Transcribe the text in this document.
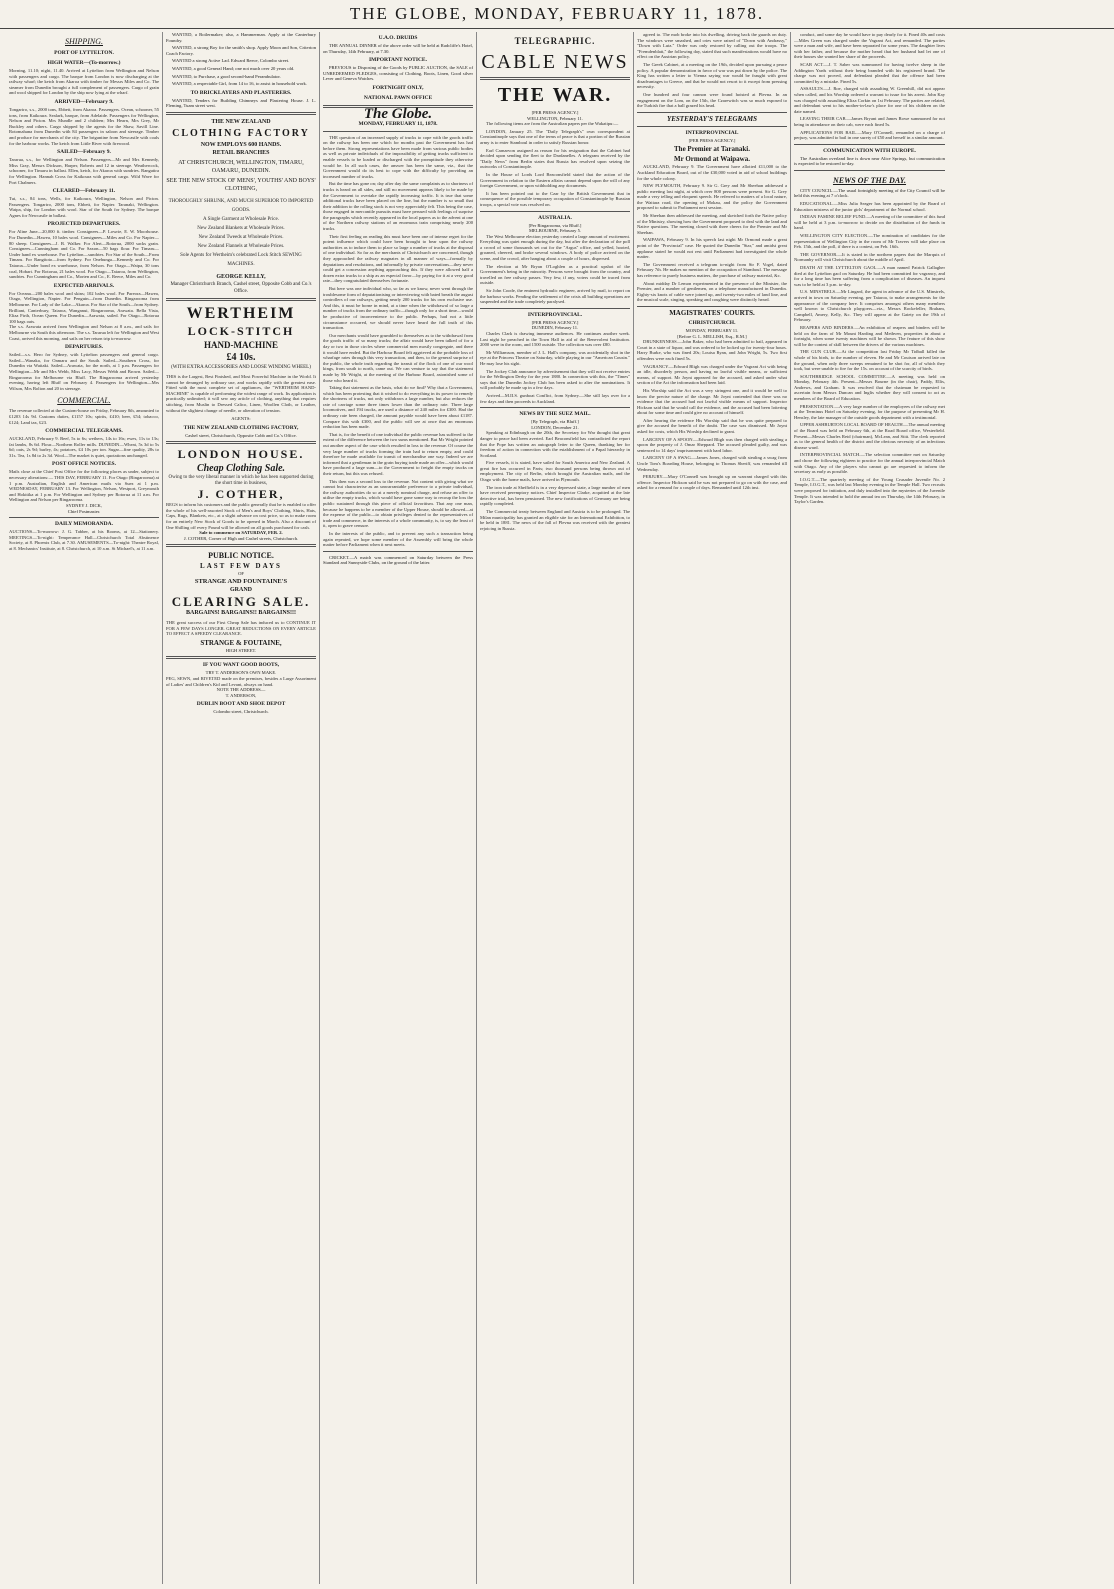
THE GLOBE, MONDAY, FEBRUARY 11, 1878.
SHIPPING.
PORT OF LYTTELTON.
HIGH WATER—(To-morrow.)
Morning, 11.10; night, 11.40. Arrived at Lyttelton from Wellington and Nelson with passengers and cargo. The barque from London is now discharging at the railway wharf; the ketch from Akaroa with timber for Messrs Miles and Co. The steamer from Dunedin brought a full complement of passengers. Cargo of grain and wool shipped for London by the ship now lying at the wharf.
ARRIVED—February 9.
Tongariro, s.s., 2000 tons, Ebbett, from Akaroa. Passengers. Ocean, schooner, 55 tons, from Kaikoura. Sealark, barque, from Adelaide. Passengers for Wellington, Nelson and Picton. Mrs Mundle and 2 children; Mrs Hearn, Mrs Grey, Mr Buckley and others. Cargo shipped by the agents for the Shaw, Savill Line. Rotomahana from Dunedin with 84 passengers in saloon and steerage. Timber and produce for merchants of the city. The brigantine from Newcastle with coals for the harbour works. The ketch from Little River with firewood.
SAILED—February 9.
Tararua, s.s., for Wellington and Nelson. Passengers—Mr and Mrs Kennedy, Miss Gray, Messrs Dickson, Harper, Roberts and 12 in steerage. Weathercock, schooner, for Timaru in ballast. Ellen, ketch, for Akaroa with sundries. Rangatira for Wellington. Hannah Cross for Kaikoura with general cargo. Wild Wave for Port Chalmers.
CLEARED—February 11.
Tui, s.s., 84 tons, Wells, for Kaikoura, Wellington, Nelson and Picton. Passengers. Tongariro, 2000 tons, Ebbett, for Napier. Taranaki, Wellington. Waipa, ship, for London with wool. Star of the South for Sydney. The barque Agnes for Newcastle in ballast.
PROJECTED DEPARTURES.
For Aline June—20,000 ft. timber. Consignees—P. Lowrie, E. W. Moorhouse. For Dunedin—Hawea, 10 bales wool. Consignees—Miles and Co. For Napier—80 sheep. Consignees—J. B. Walker. For Alert—Rotorua, 2000 sacks grain. Consignees—Cunningham and Co. For Saxon—50 bags flour. For Timaru—Under hand ex warehouse. For Lyttelton—sundries. For Star of the South—From Timaru. For Rangitoto—from Sydney. For Onehunga—Kennedy and Co. For Taiaroa—Under bond ex warehouse, from Nelson. For Otago—Waipa, 30 tons coal, Hobart. For Rotorua, 21 bales wool. For Otago—Taiaroa, from Wellington, sundries. For Cunningham and Co., Morten and Co., E. Reece, Miles and Co.
EXPECTED ARRIVALS.
For Oceana—200 bales wool and skins; 102 bales wool. For Pareora—Hawea, Otago, Wellington, Napier. For Penguin—from Dunedin. Ringarooma from Melbourne. For Lady of the Lake—Akaroa. For Star of the South—from Sydney. Brilliant, Canterbury, Taiaroa, Wanganui, Ringarooma, Arawata. Bella Vista, Eliza Firth, Ocean Queen. For Dunedin—Arawata, sailed. For Otago—Rotorua 100 bags oats.
The s.s. Arawata arrived from Wellington and Nelson at 8 a.m., and sails for Melbourne via South this afternoon. The s.s. Tararua left for Wellington and West Coast, arrived this morning, and sails on her return trip to-morrow.
DEPARTURES.
Sailed—s.s. Hero for Sydney, with Lyttelton passengers and general cargo. Sailed—Wanaka, for Oamaru and the South. Sailed—Southern Cross, for Dunedin via Waitaki. Sailed—Arawata, for the north, at 1 p.m. Passengers for Wellington—Mr and Mrs Webb, Miss Lacy, Messrs Webb and Brown. Sailed—Ringarooma for Melbourne via Bluff. The Ringarooma arrived yesterday evening, having left Bluff on February 4. Passengers for Wellington—Mrs Wilson, Mrs Bolton and 20 in steerage.
COMMERCIAL.
The revenue collected at the Custom-house on Friday, February 8th, amounted to £1203 14s 9d. Customs duties, £1157 10s; spirits, £410; beer, £54; tobacco, £124; Land tax, £23.
COMMERCIAL TELEGRAMS.
AUCKLAND, February 9. Beef, 5s to 6s; wethers, 14s to 16s; ewes, 11s to 13s; fat lambs, 8s 6d. Flour—Northern Roller mills. DUNEDIN—Wheat, 5s 3d to 5s 6d; oats, 2s 9d; barley, 4s; potatoes, £4 10s per ton. Sugar—fine quality, 28s to 31s. Tea, 1s 8d to 2s 3d. Wool—The market is quiet, quotations unchanged.
POST OFFICE NOTICES.
Mails close at the Chief Post Office for the following places as under, subject to necessary alterations:— THIS DAY, FEBRUARY 11. For Otago (Ringarooma) at 1 p.m. Australian, English and American mails via Suez at 1 p.m. WEDNESDAY, FEBRUARY 13. For Wellington, Nelson, Westport, Greymouth and Hokitika at 1 p.m. For Wellington and Sydney per Rotorua at 11 a.m. For Wellington and Nelson per Ringarooma.
SYDNEY J. DICK,
Chief Postmaster.
DAILY MEMORANDA.
AUCTIONS—To-morrow: J. G. Tabber, at his Rooms, at 12—Stationery. MEETINGS—To-night: Temperance Hall—Christchurch Total Abstinence Society, at 8. Phoenix Club, at 7.30. AMUSEMENTS—To-night: Theatre Royal, at 8. Mechanics' Institute, at 8. Christchurch, at 10 a.m. St Michael's, at 11 a.m.

WANTED, a Boilermaker; also, a Hammerman. Apply at the Canterbury Foundry.

WANTED, a strong Boy for the smith's shop. Apply Moon and Son, Criterion Coach Factory.

WANTED a strong Active Lad. Edward Reece, Colombo street.

WANTED, a good General Hand; one not much over 20 years old.

WANTED, to Purchase, a good second-hand Perambulator.

WANTED, a respectable Girl, from 14 to 16, to assist in household work.

TO BRICKLAYERS AND PLASTERERS.

WANTED, Tenders for Building Chimneys and Plastering House. J. L. Fleming, Tuam street west.

THE NEW ZEALAND
CLOTHING FACTORY
NOW EMPLOYS 600 HANDS.
RETAIL BRANCHES
AT CHRISTCHURCH, WELLINGTON, TIMARU, OAMARU, DUNEDIN.
SEE THE NEW STOCK OF MENS', YOUTHS' AND BOYS' CLOTHING,
THOROUGHLY SHRUNK, AND MUCH SUPERIOR TO IMPORTED GOODS.
A Single Garment at Wholesale Price.
New Zealand Blankets at Wholesale Prices.
New Zealand Tweeds at Wholesale Prices.
New Zealand Flannels at Wholesale Prices.
Sole Agents for Wertheim's celebrated Lock Stitch SEWING MACHINES.
GEORGE KELLY,
Manager Christchurch Branch, Cashel street, Opposite Cobb and Co.'s Office.
WERTHEIM
LOCK-STITCH
HAND-MACHINE
£4 10s.
(WITH EXTRA ACCESSORIES AND LOOSE WINDING WHEEL)
THIS is the Largest, Best Finished, and Most Powerful Machine in the World. It cannot be deranged by ordinary use, and works rapidly with the greatest ease. Fitted with the most complete set of appliances, the "WERTHEIM HAND-MACHINE" is capable of performing the widest range of work. Its application is practically unlimited; it will sew any article of clothing, anything that requires stitching, from Muslin to Dressed Calico, Linen, Woollen Cloth, or Leather, without the slightest change of needle, or alteration of tension.
AGENTS:
THE NEW ZEALAND CLOTHING FACTORY,
Cashel street, Christchurch, Opposite Cobb and Co.'s Office.
LONDON HOUSE.
Cheap Clothing Sale.
Owing to the very liberal manner in which he has been supported during the short time in business,
J. COTHER,
BEGS to inform his customers and the public generally that he is enabled to offer the whole of his well-assorted Stock of Men's and Boys' Clothing, Shirts, Hats, Caps, Rugs, Blankets, etc., at a slight advance on cost price, so as to make room for an entirely New Stock of Goods to be opened in March. Also a discount of One Shilling off every Pound will be allowed on all goods purchased for cash.
Sale to commence on SATURDAY, FEB. 2.
J. COTHER, Corner of High and Cashel streets, Christchurch.
PUBLIC NOTICE.
LAST FEW DAYS
OF
STRANGE AND FOUNTAINE'S
GRAND
CLEARING SALE.
BARGAINS! BARGAINS!! BARGAINS!!!
THE great success of our First Cheap Sale has induced us to CONTINUE IT FOR A FEW DAYS LONGER. GREAT REDUCTIONS ON EVERY ARTICLE TO EFFECT A SPEEDY CLEARANCE.
STRANGE & FOUTAINE,
HIGH STREET.
IF YOU WANT GOOD BOOTS,
TRY T. ANDERSON'S OWN MAKE.
PEG, SEWN, and RIVETED made on the premises, besides a Large Assortment of Ladies' and Children's Kid and Levant, always on hand.
NOTE THE ADDRESS—
T. ANDERSON,
DUBLIN BOOT AND SHOE DEPOT
Colombo street, Christchurch.
U.A.O. DRUIDS

THE ANNUAL DINNER of the above order will be held at Radcliffe's Hotel, on Thursday, 14th February, at 7.30.

IMPORTANT NOTICE.

PREVIOUS to Disposing of the Goods by PUBLIC AUCTION, the SALE of UNREDEEMED PLEDGES, consisting of Clothing, Boots, Linen, Good silver Lever and Geneva Watches.

FORTNIGHT ONLY,
NATIONAL PAWN OFFICE
The Globe.
MONDAY, FEBRUARY 11, 1878.

THE question of an increased supply of trucks to cope with the goods traffic on the railway has been one which for months past the Government has had before them. Strong representations have been made from various public bodies as well as private individuals of the impossibility of getting trucks sufficient to enable vessels to be loaded or discharged with the promptitude they otherwise would be. In all such cases, the answer has been the same, viz., that the Government would do its best to cope with the difficulty by providing an increased number of trucks.

But the time has gone on; day after day the same complaints as to shortness of trucks is heard on all sides, and still no movement appears likely to be made by the Government to overtake the rapidly increasing traffic. It is true that some additional trucks have been placed on the line, but the number is so small that their addition to the rolling stock is not very appreciably felt. This being the case, those engaged in mercantile pursuits must have perused with feelings of surprise the paragraphs which recently appeared in the local papers as to the advent at one of the Northern railway stations of an enormous train comprising nearly 200 trucks.

Their first feeling on reading this must have been one of intense regret for the potent influence which could have been brought to bear upon the railway authorities as to induce them to place so large a number of trucks at the disposal of one individual. So far as the merchants of Christchurch are concerned, though they approached the railway magnates in all manner of ways—formally by deputations and resolutions, and informally by private conversations—they never could get a concession anything approaching this. If they were allowed half a dozen extra trucks to a ship as an especial favor—by paying for it at a very good rate—they congratulated themselves fortunate.

But here was one individual who, so far as we know, never went through the troublesome form of deputationising or interviewing with bated breath the august controllers of our railways, getting nearly 200 trucks for his own exclusive use. And this, it must be borne in mind, at a time when the withdrawal of so large a number of trucks from the ordinary traffic—though only for a short time—would be productive of inconvenience to the public. Perhaps, had not a little circumstance occurred, we should never have heard the full truth of this transaction.

Our merchants would have grumbled to themselves as to the withdrawal from the goods traffic of so many trucks; the affair would have been talked of for a day or two in those circles where commercial men mostly congregate, and there it would have ended. But the Harbour Board felt aggrieved at the probable loss of wharfage rates through this very transaction, and then, to the general surprise of the public, the whole truth regarding the transit of the flock of one of our wool kings, from south to north, came out. We can venture to say that the statement made by Mr Wright, at the meeting of the Harbour Board, astonished some of those who heard it.

Taking that statement as the basis, what do we find? Why that a Government, which has been protesting that it wished to do everything in its power to remedy the shortness of trucks, not only withdraws a large number, but also reduces the rate of carriage some three times lower than the ordinary rate. Three large locomotives, and 194 trucks, are used a distance of 240 miles for £300. Had the ordinary rate been charged, the amount payable would have been about £1187. Compare this with £300, and the public will see at once that an enormous reduction has been made.

That is, for the benefit of one individual the public revenue has suffered to the extent of the difference between the two sums mentioned. But Mr Wright pointed out another aspect of the case which resulted in loss to the revenue. Of course the very large number of trucks forming the train had to return empty, and could therefore be made available for transit of merchandise one way. Indeed we are informed that a gentleman in the grain buying trade made an offer—which would have produced a large sum—to the Government to freight the empty trucks on their return, but this was refused.

This then was a second loss to the revenue. Not content with giving what we cannot but characterise as an unwarrantable preference to a private individual, the railway authorities do so at a merely nominal charge, and refuse an offer to utilise the empty trucks, which would have gone some way to recoup the loss the public sustained through this piece of official favoritism. That any one man, because he happens to be a member of the Upper House, should be allowed—at the expense of the public—to obtain privileges denied to the representatives of trade and commerce, in the interests of a whole community, is, to say the least of it, open to grave censure.

In the interests of the public, and to prevent any such a transaction being again repeated, we hope some member of the Assembly will bring the whole matter before Parliament when it next meets.

CRICKET.—A match was commenced on Saturday between the Press Standard and Sunnyside Clubs, on the ground of the latter.

TELEGRAPHIC.
CABLE NEWS
THE WAR.
[PER PRESS AGENCY.]
WELLINGTON, February 11.

The following items are from the Australian papers per the Wakatipu:—

LONDON, January 25. The "Daily Telegraph's" own correspondent at Constantinople says that one of the terms of peace is that a portion of the Russian army is to enter Stamboul in order to satisfy Russian honor.

Earl Carnarvon assigned as reason for his resignation that the Cabinet had decided upon sending the fleet to the Dardanelles. A telegram received by the "Daily News" from Berlin states that Russia has resolved upon seizing the outworks of Constantinople.

In the House of Lords Lord Beaconsfield stated that the action of the Government in relation to the Eastern affairs cannot depend upon the will of any foreign Government, or upon withholding any documents.

It has been pointed out to the Czar by the British Government that in consequence of the possible temporary occupation of Constantinople by Russian troops, a special vote was resolved on.

AUSTRALIA.
[Per Ringarooma, via Bluff.]
MELBOURNE, February 5.

The West Melbourne election yesterday created a large amount of excitement. Everything was quiet enough during the day, but after the declaration of the poll a crowd of some thousands set out for the "Argus" office, and yelled, hooted, groaned, cheered, and broke several windows. A body of police arrived on the scene, and the crowd, after hanging about a couple of hours, dispersed.

The election at Mr Bryan O'Loghlen as a practical upshot of the Government's being in the minority. Persons were brought from the country, and travelled on free railway passes. Very few, if any, voters could be traced from outside.

Sir John Coode, the eminent hydraulic engineer, arrived by mail, to report on the harbour works. Pending the settlement of the crisis all building operations are suspended and the trade completely paralysed.

INTERPROVINCIAL.
[PER PRESS AGENCY.]
DUNEDIN, February 11.

Charles Clark is drawing immense audiences. He continues another week. Last night he preached in the Town Hall in aid of the Benevolent Institution. 2000 were in the room, and 1500 outside. The collection was over £80.

Mr Williamson, member of J. L. Hall's company, was accidentally shot in the eye at the Princess Theatre on Saturday, while playing in our "American Cousin." He may lose his sight.

The Jockey Club announce by advertisement that they will not receive entries for the Wellington Derby for the year 1880. In connection with this, the "Times" says that the Dunedin Jockey Club has been asked to alter the nominations. It will probably be made up in a few days.

Arrived—M.II.S. gunboat Conflict, from Sydney.—She still lays over for a few days and then proceeds to Auckland.

NEWS BY THE SUEZ MAIL.
[By Telegraph, via Bluff.]
LONDON, December 21.

Speaking at Edinburgh on the 20th, the Secretary for War thought that great danger to peace had been averted. Earl Beaconsfield has contradicted the report that the Pope has written an autograph letter to the Queen, thanking her for freedom of action in connection with the establishment of a Papal hierarchy in Scotland.

Five vessels, it is stated, have sailed for South America and New Zealand. A great fire has occurred in Paris; two thousand persons being thrown out of employment. The city of Berlin, which brought the Australian mails, and the Otago with the home mails, have arrived in Plymouth.

The iron trade at Sheffield is in a very depressed state, a large number of men have received peremptory notices. Chief Inspector Clarke, acquitted at the late detective trial, has been pensioned. The new fortifications of Germany are being rapidly completed.

The Commercial treaty between England and Austria is to be prolonged. The Milan municipality has granted an eligible site for an International Exhibition, to be held in 1881. The news of the fall of Plevna was received with the greatest rejoicing in Russia.

agreed to. The mob broke into his dwelling, driving back the guards on duty. The windows were smashed, and cries were raised of "Down with Andrassy," "Down with Lutz." Order was only restored by calling out the troops. The "Fremdenblatt," the following day, stated that such manifestations would have no effect on the Austrian policy.

The Greek Cabinet, at a meeting on the 19th, decided upon pursuing a peace policy. A popular demonstration in favor of war was put down by the police. The King has written a letter to Vienna saying war would be fraught with great disadvantages to Greece, and that he would not resort to it except from pressing necessity.

One hundred and four cannon were found hoisted at Plevna. In an engagement on the Lom, on the 15th, the Czarewitch was so much exposed to the Turkish fire that a ball grazed his head.

YESTERDAY'S TELEGRAMS
INTERPROVINCIAL
[PER PRESS AGENCY.]
The Premier at Taranaki.
Mr Ormond at Waipawa.

AUCKLAND, February 9. The Government have allotted £11,000 to the Auckland Education Board, out of the £30,000 voted in aid of school buildings for the whole colony.

NEW PLYMOUTH, February 9. Sir G. Grey and Mr Sheehan addressed a public meeting last night, at which over 800 persons were present. Sir G. Grey made a very telling and eloquent speech. He referred to matters of a local nature, the Waitara road, the opening of Mokau, and the policy the Government proposed to submit to Parliament next session.

Mr Sheehan then addressed the meeting, and sketched forth the Native policy of the Ministry, showing how the Government proposed to deal with the land and Native questions. The meeting closed with three cheers for the Premier and Mr Sheehan.

WAIPAWA, February 9. In his speech last night Mr Ormond made a great point of the "Provincial" case. He quoted the Dunedin "Star," and amidst great applause stated he would not rest until Parliament had investigated the whole matter.

The Government received a telegram to-night from Sir F. Vogel, dated February 7th. He makes no mention of the occupation of Stamboul. The message has reference to purely business matters, the purchase of railway material, &c.

About midday Dr Lemon experimented in the presence of the Minister, the Premier, and a number of gentlemen, on a telephone manufactured in Dunedin. Eighty-six knots of cable were joined up, and twenty-two miles of land line, and the musical scale, singing, speaking and coughing were distinctly heard.

MAGISTRATES' COURTS.
CHRISTCHURCH.
MONDAY, FEBRUARY 11.
[Before G. L. MELLISH, Esq., R.M.]

DRUNKENNESS.—John Baker, who had been admitted to bail, appeared in Court in a state of liquor, and was ordered to be locked up for twenty-four hours. Harry Burke, who was fined 20s; Louisa Ryan, and John Wright, 5s. Two first offenders were each fined 5s.

VAGRANCY.—Edward Bligh was charged under the Vagrant Act with being an idle, disorderly person, and having no lawful visible means, or sufficient means, of support. Mr Joynt appeared for the accused, and asked under what section of the Act the information had been laid.

His Worship said the Act was a very stringent one, and it would be well to know the precise nature of the charge. Mr Joynt contended that there was no evidence that the accused had not lawful visible means of support. Inspector Hickson said that he would call the evidence, and the accused had been loitering about for some time and could give no account of himself.

After hearing the evidence His Worship said that he was quite prepared to give the accused the benefit of the doubt. The case was dismissed. Mr Joynt asked for costs, which His Worship declined to grant.

LARCENY OF A SPOON.—Edward Bligh was then charged with stealing a spoon the property of J. Omar Sheppard. The accused pleaded guilty, and was sentenced to 14 days' imprisonment with hard labor.

LARCENY OF A SWAG.—James Jones, charged with stealing a swag from Uncle Tom's Boarding House, belonging to Thomas Sheriff, was remanded till Wednesday.

PERJURY.—Mary O'Connell was brought up on warrant charged with this offence. Inspector Hickson said he was not prepared to go on with the case, and asked for a remand for a couple of days. Remanded until 12th inst.

conduct, and some day he would have to pay dearly for it. Fined 40s and costs—Miles Green was charged under the Vagrant Act, and remanded. The parties were a man and wife, and have been separated for some years. The daughter lives with her father, and because the mother heard that her husband had let one of their houses she wanted her share of the proceeds.

SCAB ACT.—J. T. Saber was summoned for having twelve sheep in the Addington Yards without their being branded with his registered brand. The charge was not proved, and defendant pleaded that the offence had been committed by a mistake. Fined 5s.

ASSAULTS.—J. Roe, charged with assaulting W. Greenhill, did not appear when called, and his Worship ordered a warrant to issue for his arrest. John Kay was charged with assaulting Eliza Corkin on 1st February. The parties are related, and defendant went to his mother-in-law's place for one of his children on the date named.

LEAVING THEIR CAB.—James Bryant and James Rowe summoned for not being in attendance on their cab, were each fined 5s.

APPLICATIONS FOR BAIL.—Mary O'Connell, remanded on a charge of perjury, was admitted to bail in one surety of £50 and herself in a similar amount.

COMMUNICATION WITH EUROPE.

The Australian overland line is down near Alice Springs, but communication is expected to be restored to-day.

NEWS OF THE DAY.

CITY COUNCIL.—The usual fortnightly meeting of the City Council will be held this evening at 7 o'clock.

EDUCATIONAL.—Miss Julia Seager has been appointed by the Board of Education mistress of the junior girls' department of the Normal school.

INDIAN FAMINE RELIEF FUND.—A meeting of the committee of this fund will be held at 3 p.m. to-morrow to decide on the distribution of the funds in hand.

WELLINGTON CITY ELECTION.—The nomination of candidates for the representation of Wellington City in the room of Mr Travers will take place on Feb. 15th, and the poll, if there is a contest, on Feb. 16th.

THE GOVERNOR.—It is stated in the northern papers that the Marquis of Normanby will visit Christchurch about the middle of April.

DEATH AT THE LYTTELTON GAOL.—A man named Patrick Gallagher died at the Lyttelton gaol on Saturday. He had been committed for vagrancy, and for a long time has been suffering from a complication of diseases. An inquest was to be held at 3 p.m. to-day.

U.S. MINSTRELS.—Mr Lingard, the agent in advance of the U.S. Minstrels, arrived in town on Saturday evening, per Taiaroa, to make arrangements for the appearance of the company here. It comprises amongst others many members well known to Christchurch playgoers—viz., Messrs Rockefeller, Braham, Campbell, Amery, Kelly, &c. They will appear at the Gaiety on the 19th of February.

REAPERS AND BINDERS.—An exhibition of reapers and binders will be held on the farm of Mr Mount Harding and Methven, properties in about a fortnight, when some twenty machines will be shown. The feature of this show will be the contest of skill between the drivers of the various machines.

THE GUN CLUB.—At the competition last Friday Mr Tidball killed the whole of his birds, to the number of eleven. He and Mr Couison arrived late on the ground, when only three sweeps remained to be shot for, all of which they took, but were unable to fire for the 15s. on account of the scarcity of birds.

SOUTHBRIDGE SCHOOL COMMITTEE.—A meeting was held on Monday, February 4th. Present—Messrs Bourne (in the chair), Paddy, Ellis, Andrews, and Graham. It was resolved that the chairman be requested to ascertain from Messrs Duncan and Inglis whether they will consent to act as members of the Board of Education.

PRESENTATION.—A very large number of the employees of the railway met at the Terminus Hotel on Saturday evening, for the purpose of presenting Mr H. Hensley, the late manager of the outside goods department with a testimonial.

UPPER ASHBURTON LOCAL BOARD OF HEALTH.—The annual meeting of the Board was held on February 6th, at the Road Board office, Westerfield. Present—Messrs Charles Reid (chairman), McLean, and Stitt. The clerk reported as to the general health of the district and the obvious necessity of an infectious disease ward.

INTERPROVINCIAL MATCH.—The selection committee met on Saturday and chose the following eighteen to practice for the annual interprovincial Match with Otago. Any of the players who cannot go are requested to inform the secretary as early as possible.

I.O.G.T.—The quarterly meeting of the Young Crusader Juvenile No. 2 Temple, I.O.G.T., was held last Monday evening in the Temple Hall. Two recruits were proposed for initiation, and duly installed into the mysteries of the Juvenile Temple. It was intended to hold the annual tea on Thursday, the 14th February, in Taylor's Garden.
